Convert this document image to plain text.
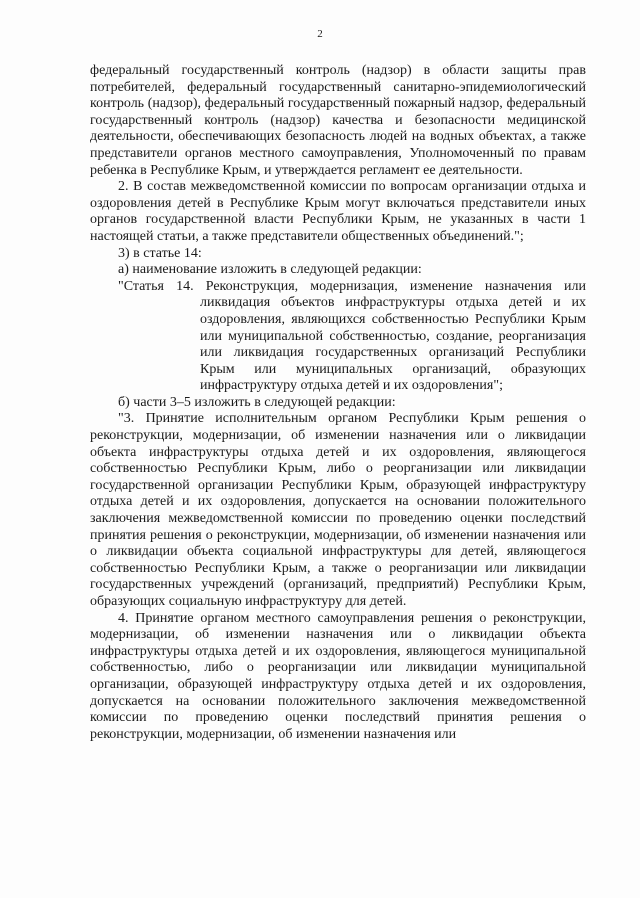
2

федеральный государственный контроль (надзор) в области защиты прав потребителей, федеральный государственный санитарно-эпидемиологический контроль (надзор), федеральный государственный пожарный надзор, федеральный государственный контроль (надзор) качества и безопасности медицинской деятельности, обеспечивающих безопасность людей на водных объектах, а также представители органов местного самоуправления, Уполномоченный по правам ребенка в Республике Крым, и утверждается регламент ее деятельности.

2. В состав межведомственной комиссии по вопросам организации отдыха и оздоровления детей в Республике Крым могут включаться представители иных органов государственной власти Республики Крым, не указанных в части 1 настоящей статьи, а также представители общественных объединений.";

3) в статье 14:

а) наименование изложить в следующей редакции:

"Статья 14. Реконструкция, модернизация, изменение назначения или ликвидация объектов инфраструктуры отдыха детей и их оздоровления, являющихся собственностью Республики Крым или муниципальной собственностью, создание, реорганизация или ликвидация государственных организаций Республики Крым или муниципальных организаций, образующих инфраструктуру отдыха детей и их оздоровления";

б) части 3–5 изложить в следующей редакции:

"3. Принятие исполнительным органом Республики Крым решения о реконструкции, модернизации, об изменении назначения или о ликвидации объекта инфраструктуры отдыха детей и их оздоровления, являющегося собственностью Республики Крым, либо о реорганизации или ликвидации государственной организации Республики Крым, образующей инфраструктуру отдыха детей и их оздоровления, допускается на основании положительного заключения межведомственной комиссии по проведению оценки последствий принятия решения о реконструкции, модернизации, об изменении назначения или о ликвидации объекта социальной инфраструктуры для детей, являющегося собственностью Республики Крым, а также о реорганизации или ликвидации государственных учреждений (организаций, предприятий) Республики Крым, образующих социальную инфраструктуру для детей.

4. Принятие органом местного самоуправления решения о реконструкции, модернизации, об изменении назначения или о ликвидации объекта инфраструктуры отдыха детей и их оздоровления, являющегося муниципальной собственностью, либо о реорганизации или ликвидации муниципальной организации, образующей инфраструктуру отдыха детей и их оздоровления, допускается на основании положительного заключения межведомственной комиссии по проведению оценки последствий принятия решения о реконструкции, модернизации, об изменении назначения или
